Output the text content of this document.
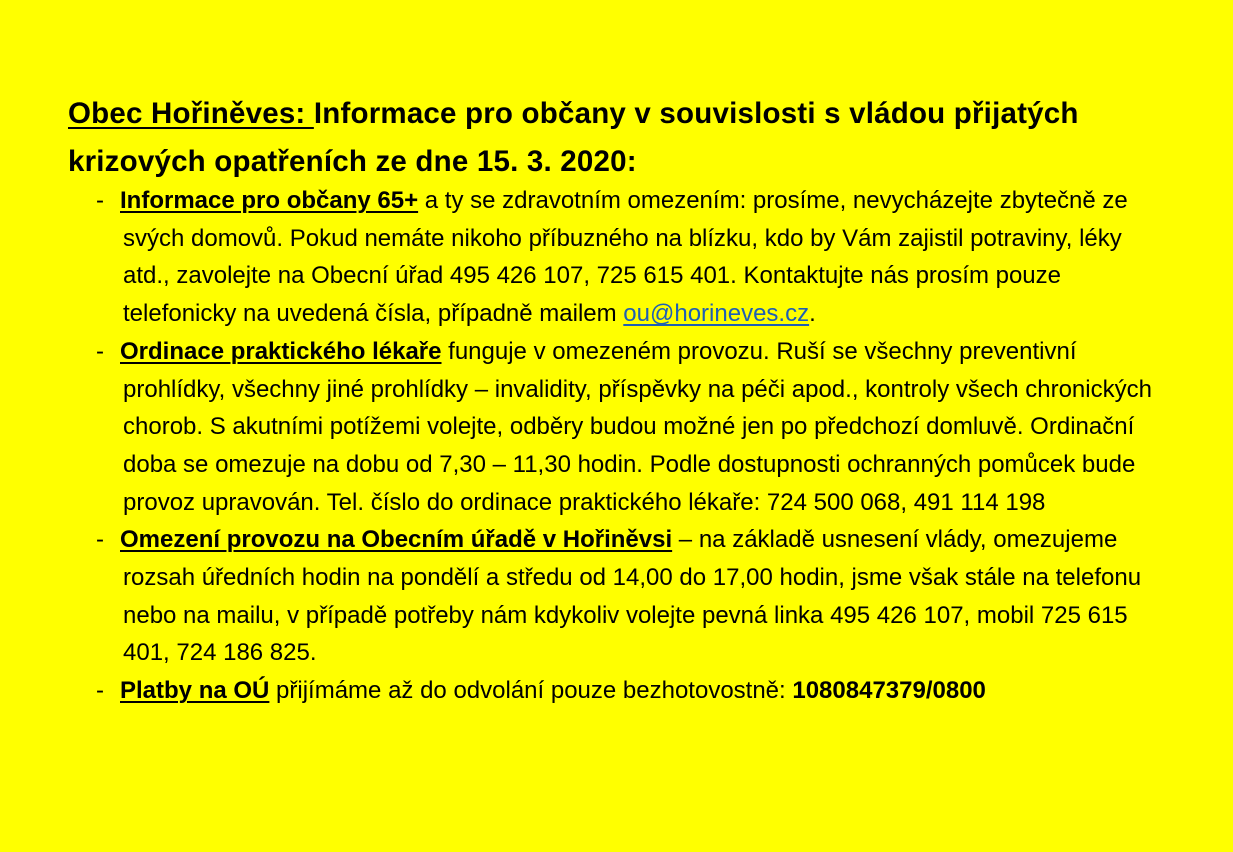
Obec Hořiněves: Informace pro občany v souvislosti s vládou přijatých krizových opatřeních ze dne 15. 3. 2020:
- Informace pro občany 65+ a ty se zdravotním omezením: prosíme, nevycházejte zbytečně ze svých domovů. Pokud nemáte nikoho příbuzného na blízku, kdo by Vám zajistil potraviny, léky atd., zavolejte na Obecní úřad 495 426 107, 725 615 401. Kontaktujte nás prosím pouze telefonicky na uvedená čísla, případně mailem ou@horineves.cz.
- Ordinace praktického lékaře funguje v omezeném provozu. Ruší se všechny preventivní prohlídky, všechny jiné prohlídky – invalidity, příspěvky na péči apod., kontroly všech chronických chorob. S akutními potížemi volejte, odběry budou možné jen po předchozí domluvě. Ordinační doba se omezuje na dobu od 7,30 – 11,30 hodin. Podle dostupnosti ochranných pomůcek bude provoz upravován. Tel. číslo do ordinace praktického lékaře: 724 500 068, 491 114 198
- Omezení provozu na Obecním úřadě v Hořiněvsi – na základě usnesení vlády, omezujeme rozsah úředních hodin na pondělí a středu od 14,00 do 17,00 hodin, jsme však stále na telefonu nebo na mailu, v případě potřeby nám kdykoliv volejte pevná linka 495 426 107, mobil 725 615 401, 724 186 825.
- Platby na OÚ přijímáme až do odvolání pouze bezhotovostně: 1080847379/0800
